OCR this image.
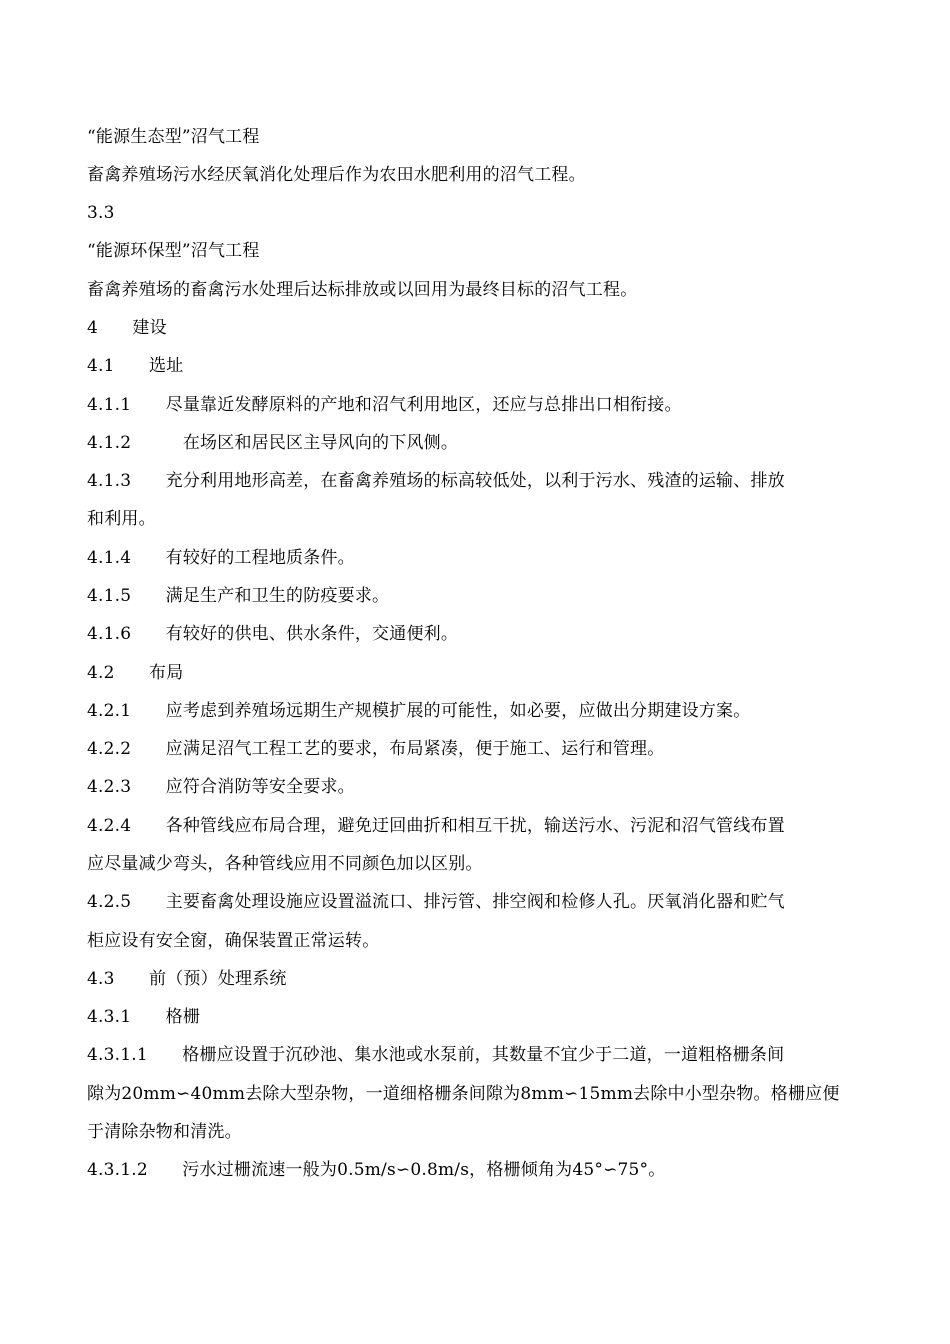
“能源生态型”沼气工程
畜禽养殖场污水经厌氧消化处理后作为农田水肥利用的沼气工程。
3.3
“能源环保型”沼气工程
畜禽养殖场的畜禽污水处理后达标排放或以回用为最终目标的沼气工程。
4　　建设
4.1　　选址
4.1.1　　尽量靠近发酵原料的产地和沼气利用地区，还应与总排出口相衔接。
4.1.2　　　在场区和居民区主导风向的下风侧。
4.1.3　　充分利用地形高差，在畜禽养殖场的标高较低处，以利于污水、残渣的运输、排放
和利用。
4.1.4　　有较好的工程地质条件。
4.1.5　　满足生产和卫生的防疫要求。
4.1.6　　有较好的供电、供水条件，交通便利。
4.2　　布局
4.2.1　　应考虑到养殖场远期生产规模扩展的可能性，如必要，应做出分期建设方案。
4.2.2　　应满足沼气工程工艺的要求，布局紧凑，便于施工、运行和管理。
4.2.3　　应符合消防等安全要求。
4.2.4　　各种管线应布局合理，避免迂回曲折和相互干扰，输送污水、污泥和沼气管线布置
应尽量减少弯头，各种管线应用不同颜色加以区别。
4.2.5　　主要畜禽处理设施应设置溢流口、排污管、排空阀和检修人孔。厌氧消化器和贮气
柜应设有安全窗，确保装置正常运转。
4.3　　前（预）处理系统
4.3.1　　格栅
4.3.1.1　　格栅应设置于沉砂池、集水池或水泵前，其数量不宜少于二道，一道粗格栅条间
隙为20mm∽40mm去除大型杂物，一道细格栅条间隙为8mm∽15mm去除中小型杂物。格栅应便
于清除杂物和清洗。
4.3.1.2　　污水过栅流速一般为0.5m/s∽0.8m/s，格栅倾角为45°∽75°。
